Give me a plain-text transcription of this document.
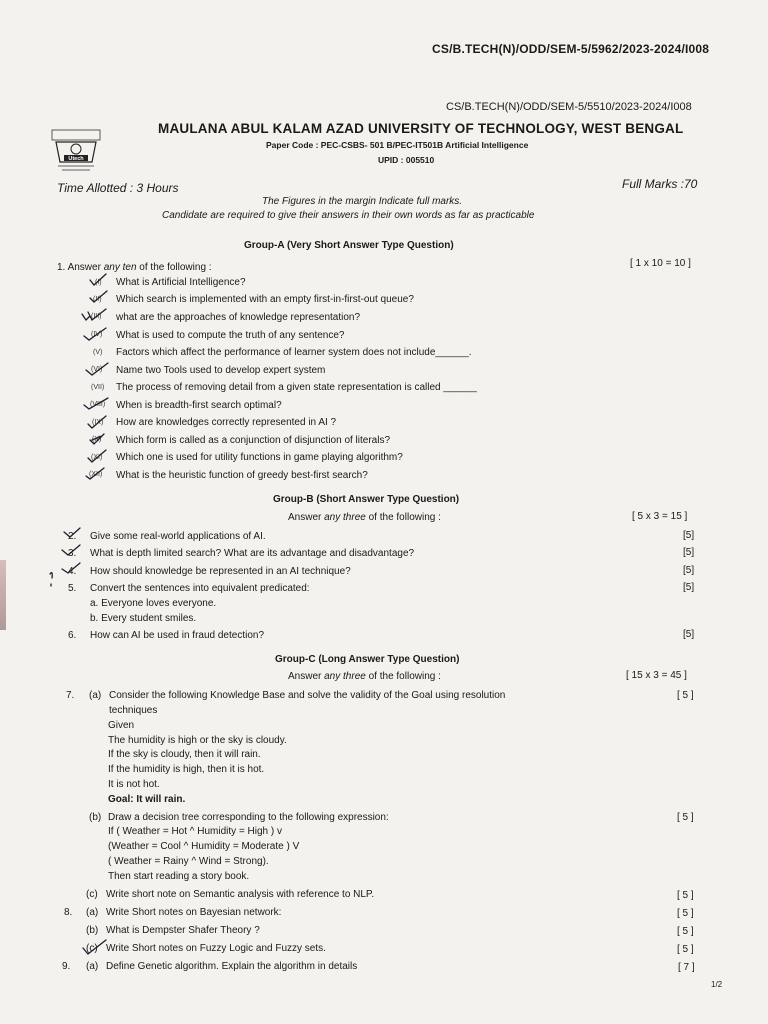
CS/B.TECH(N)/ODD/SEM-5/5962/2023-2024/I008
CS/B.TECH(N)/ODD/SEM-5/5510/2023-2024/I008
Utech
MAULANA ABUL KALAM AZAD UNIVERSITY OF TECHNOLOGY, WEST BENGAL
Paper Code : PEC-CSBS- 501 B/PEC-IT501B Artificial Intelligence
UPID : 005510
Time Allotted : 3 Hours	Full Marks :70
The Figures in the margin Indicate full marks.
Candidate are required to give their answers in their own words as far as practicable
Group-A (Very Short Answer Type Question)
1. Answer any ten of the following :	[ 1 x 10 = 10 ]
(I) What is Artificial Intelligence?
(II) Which search is implemented with an empty first-in-first-out queue?
(III) what are the approaches of knowledge representation?
(IV) What is used to compute the truth of any sentence?
(V) Factors which affect the performance of learner system does not include______.
(VI) Name two Tools used to develop expert system
(VII) The process of removing detail from a given state representation is called ______
(VIII) When is breadth-first search optimal?
(IX) How are knowledges correctly represented in AI ?
(X) Which form is called as a conjunction of disjunction of literals?
(XI) Which one is used for utility functions in game playing algorithm?
(XII) What is the heuristic function of greedy best-first search?
Group-B (Short Answer Type Question)
Answer any three of the following :	[ 5 x 3 = 15 ]
2. Give some real-world applications of AI.	[5]
3. What is depth limited search? What are its advantage and disadvantage?	[5]
4. How should knowledge be represented in an AI technique?	[5]
5. Convert the sentences into equivalent predicated:	[5]
a. Everyone loves everyone.
b. Every student smiles.
6. How can AI be used in fraud detection?	[5]
Group-C (Long Answer Type Question)
Answer any three of the following :	[ 15 x 3 = 45 ]
7. (a) Consider the following Knowledge Base and solve the validity of the Goal using resolution	[ 5 ]
techniques
Given
The humidity is high or the sky is cloudy.
If the sky is cloudy, then it will rain.
If the humidity is high, then it is hot.
It is not hot.
Goal: It will rain.
(b) Draw a decision tree corresponding to the following expression:	[ 5 ]
If ( Weather = Hot ^ Humidity = High ) v
(Weather = Cool ^ Humidity = Moderate ) V
( Weather = Rainy ^ Wind = Strong).
Then start reading a story book.
(c) Write short note on Semantic analysis with reference to NLP.	[ 5 ]
8. (a) Write Short notes on Bayesian network:	[ 5 ]
(b) What is Dempster Shafer Theory ?	[ 5 ]
(c) Write Short notes on Fuzzy Logic and Fuzzy sets.	[ 5 ]
9. (a) Define Genetic algorithm. Explain the algorithm in details	[ 7 ]
1/2
